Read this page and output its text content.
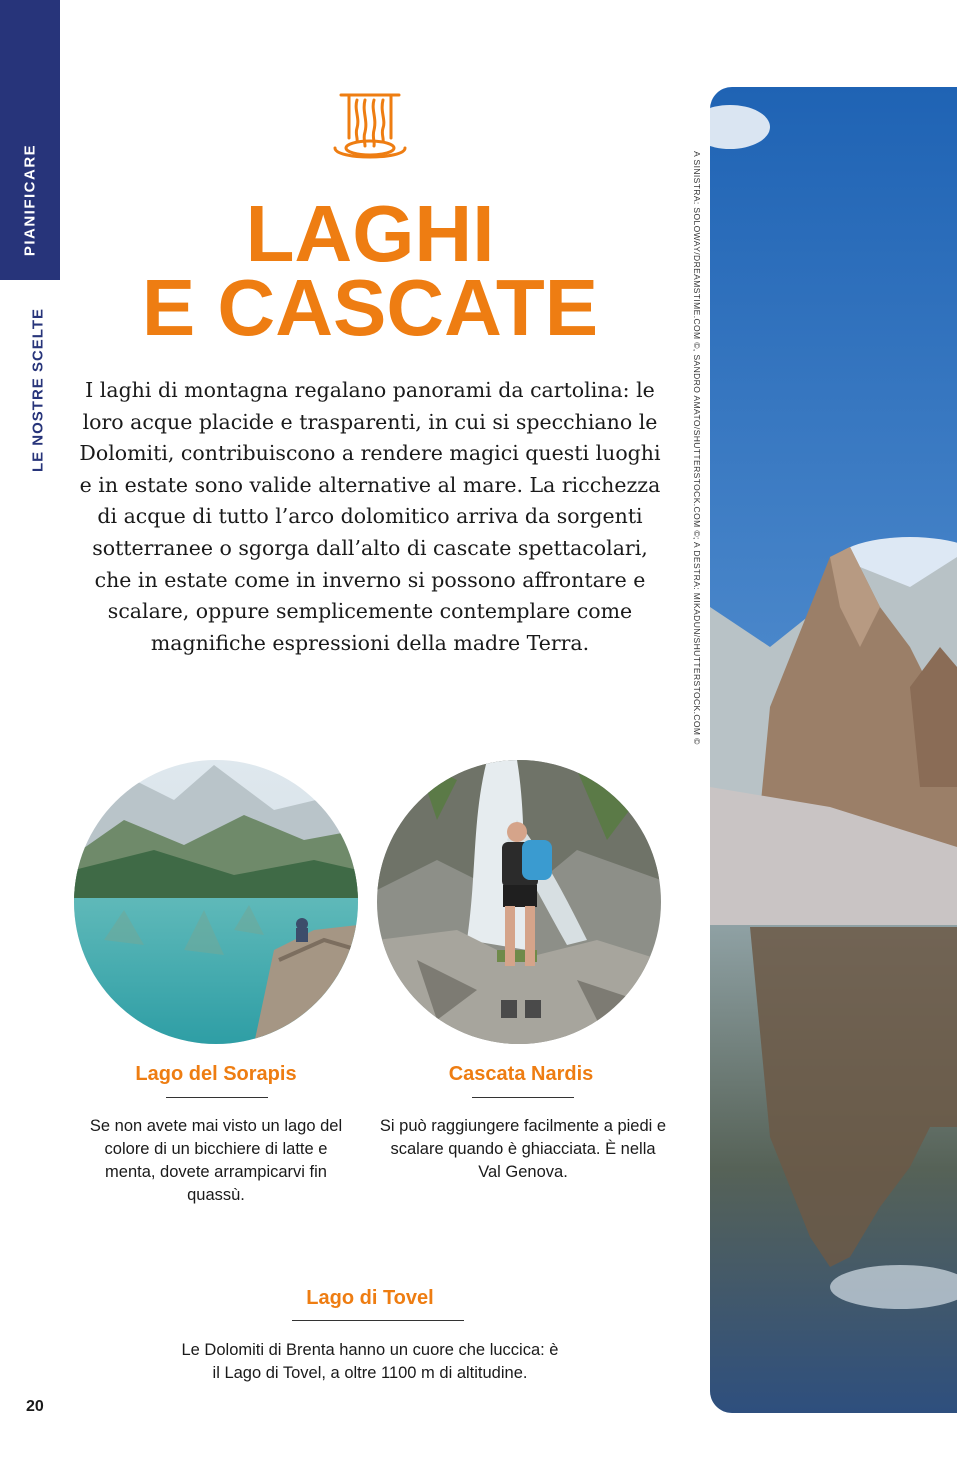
PIANIFICARE
LE NOSTRE SCELTE
20
LAGHI
E CASCATE

I laghi di montagna regalano panorami da cartolina: le loro acque placide e trasparenti, in cui si specchiano le Dolomiti, contribuiscono a rendere magici questi luoghi e in estate sono valide alternative al mare. La ricchezza di acque di tutto l’arco dolomitico arriva da sorgenti sotterranee o sgorga dall’alto di cascate spettacolari, che in estate come in inverno si possono affrontare e scalare, oppure semplicemente contemplare come magnifiche espressioni della madre Terra.

Lago del Sorapis
Se non avete mai visto un lago del colore di un bicchiere di latte e menta, dovete arrampicarvi fin quassù.
Cascata Nardis
Si può raggiungere facilmente a piedi e scalare quando è ghiacciata. È nella Val Genova.
Lago di Tovel
Le Dolomiti di Brenta hanno un cuore che luccica: è il Lago di Tovel, a oltre 1100 m di altitudine.
A SINISTRA: SOLOWAY/DREAMSTIME.COM ©, SANDRO AMATO/SHUTTERSTOCK.COM ©; A DESTRA: MIKADUN/SHUTTERSTOCK.COM ©
